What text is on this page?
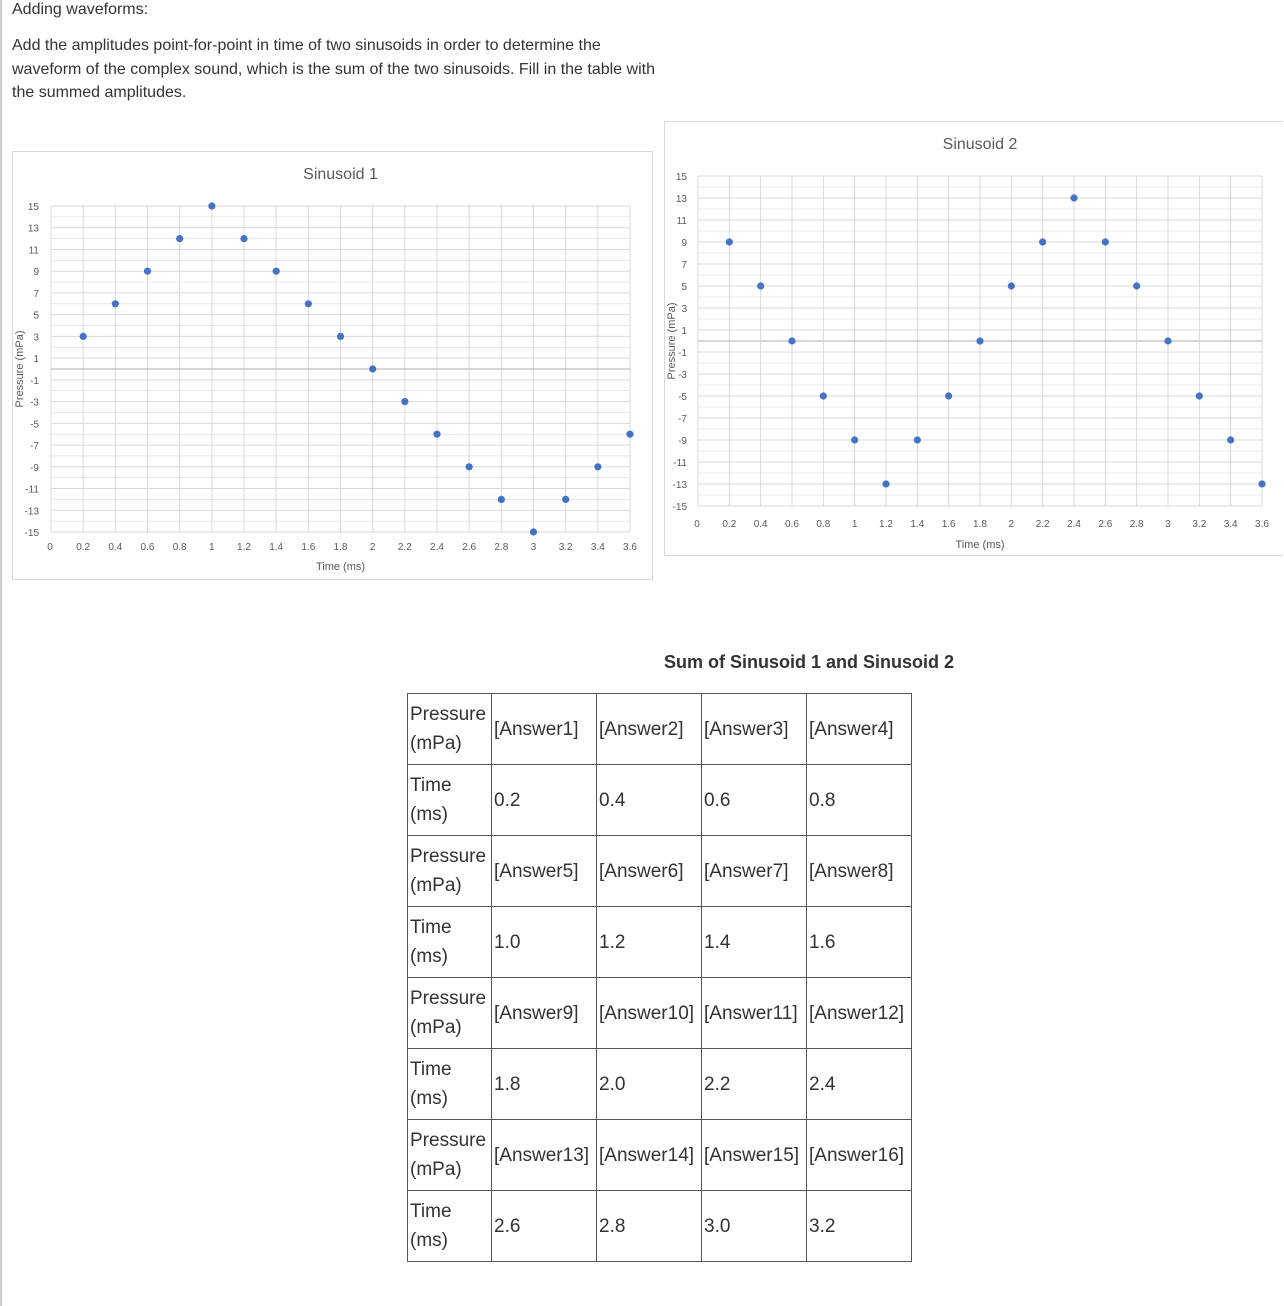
Adding waveforms:
Add the amplitudes point-for-point in time of two sinusoids in order to determine the waveform of the complex sound, which is the sum of the two sinusoids. Fill in the table with the summed amplitudes.
Sinusoid 1
15
13
11
9
7
5
3
1
-1
-3
-5
-7
-9
-11
-13
-15
0 0.2 0.4 0.6 0.8 1 1.2 1.4 1.6 1.8 2 2.2 2.4 2.6 2.8 3 3.2 3.4 3.6
Time (ms)
Pressure (mPa)
Sinusoid 2
15
13
11
9
7
5
3
1
-1
-3
-5
-7
-9
-11
-13
-15
0 0.2 0.4 0.6 0.8 1 1.2 1.4 1.6 1.8 2 2.2 2.4 2.6 2.8 3 3.2 3.4 3.6
Time (ms)
Pressure (mPa)
Sum of Sinusoid 1 and Sinusoid 2
Pressure (mPa)	[Answer1]	[Answer2]	[Answer3]	[Answer4]
Time (ms)	0.2	0.4	0.6	0.8
Pressure (mPa)	[Answer5]	[Answer6]	[Answer7]	[Answer8]
Time (ms)	1.0	1.2	1.4	1.6
Pressure (mPa)	[Answer9]	[Answer10]	[Answer11]	[Answer12]
Time (ms)	1.8	2.0	2.2	2.4
Pressure (mPa)	[Answer13]	[Answer14]	[Answer15]	[Answer16]
Time (ms)	2.6	2.8	3.0	3.2
